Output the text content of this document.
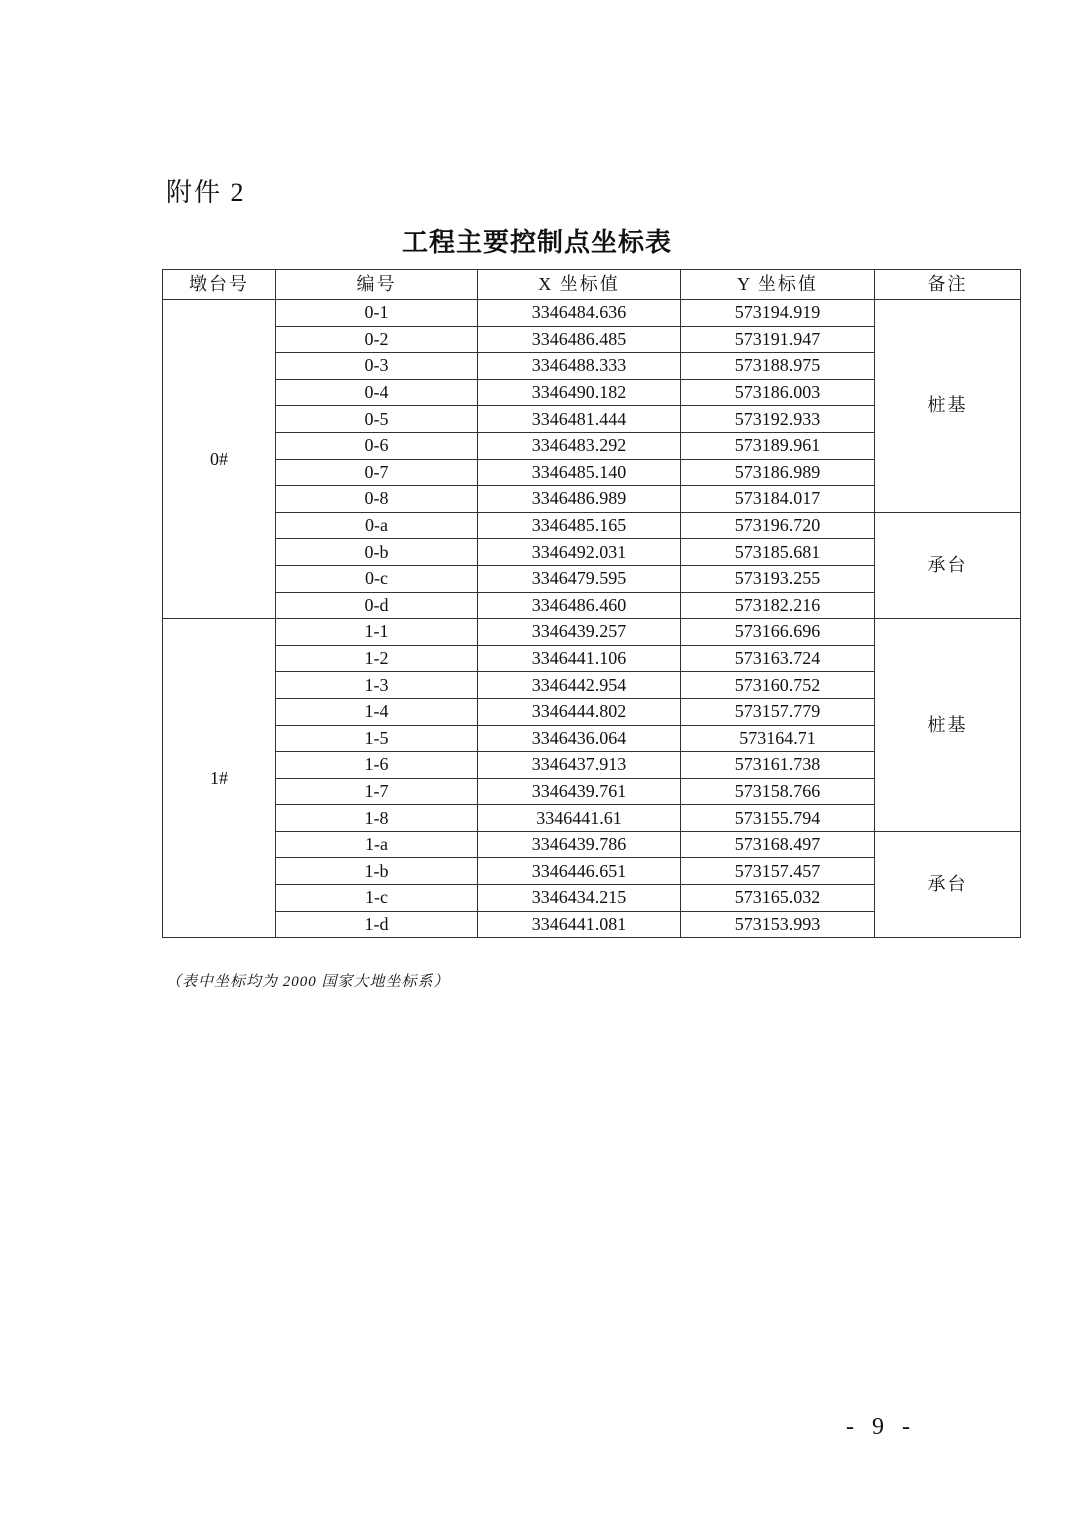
附件 2
工程主要控制点坐标表
墩台号	编号	X 坐标值	Y 坐标值	备注
0#	0-1	3346484.636	573194.919	桩基
	0-2	3346486.485	573191.947	
	0-3	3346488.333	573188.975	
	0-4	3346490.182	573186.003	
	0-5	3346481.444	573192.933	
	0-6	3346483.292	573189.961	
	0-7	3346485.140	573186.989	
	0-8	3346486.989	573184.017	
	0-a	3346485.165	573196.720	承台
	0-b	3346492.031	573185.681	
	0-c	3346479.595	573193.255	
	0-d	3346486.460	573182.216	
1#	1-1	3346439.257	573166.696	桩基
	1-2	3346441.106	573163.724	
	1-3	3346442.954	573160.752	
	1-4	3346444.802	573157.779	
	1-5	3346436.064	573164.71	
	1-6	3346437.913	573161.738	
	1-7	3346439.761	573158.766	
	1-8	3346441.61	573155.794	
	1-a	3346439.786	573168.497	承台
	1-b	3346446.651	573157.457	
	1-c	3346434.215	573165.032	
	1-d	3346441.081	573153.993	
（表中坐标均为 2000 国家大地坐标系）
- 9 -
